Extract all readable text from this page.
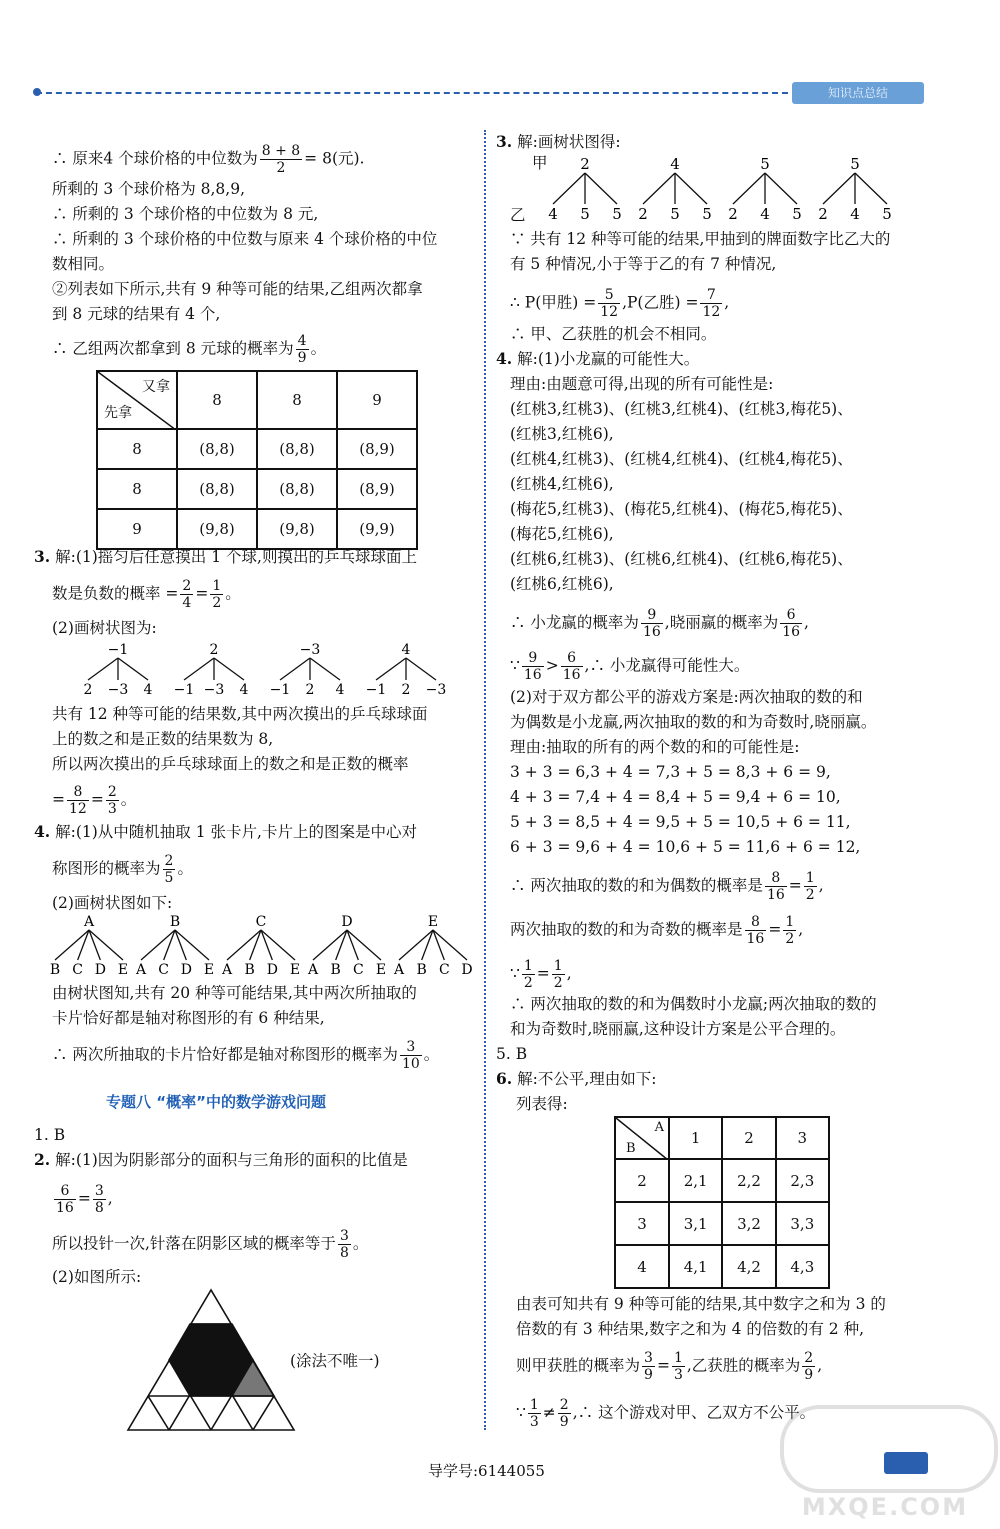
知识点总结
∴ 原来4 个球价格的中位数为 $\frac{8 + 8}{2} = 8$(元).
所剩的 3 个球价格为 8,8,9,
∴ 所剩的 3 个球价格的中位数为 8 元,
∴ 所剩的 3 个球价格的中位数与原来 4 个球价格的中位
数相同。
②列表如下所示,共有 9 种等可能的结果,乙组两次都拿
到 8 元球的结果有 4 个,
∴ 乙组两次都拿到 8 元球的概率为 $\frac{4}{9}$ 。
又拿
先拿	8	8	9
8	(8,8)	(8,8)	(8,9)
8	(8,8)	(8,8)	(8,9)
9	(9,8)	(9,8)	(9,9)
3. 解:(1)摇匀后任意摸出 1 个球,则摸出的乒乓球球面上
数是负数的概率 = $\frac{2}{4} = \frac{1}{2}$ 。
(2)画树状图为:
−1
2 −3 4
2
−1 −3 4
−3
−1 2 4
4
−1 2 −3
共有 12 种等可能的结果数,其中两次摸出的乒乓球球面
上的数之和是正数的结果数为 8,
所以两次摸出的乒乓球球面上的数之和是正数的概率
= $\frac{8}{12} = \frac{2}{3}$ 。
4. 解:(1)从中随机抽取 1 张卡片,卡片上的图案是中心对
称图形的概率为 $\frac{2}{5}$ 。
(2)画树状图如下:
A
B C D E
B
A C D E
C
A B D E
D
A B C E
E
A B C D
由树状图知,共有 20 种等可能结果,其中两次所抽取的
卡片恰好都是轴对称图形的有 6 种结果,
∴ 两次所抽取的卡片恰好都是轴对称图形的概率为 $\frac{3}{10}$ 。
专题八 “概率”中的数学游戏问题
1. B
2. 解:(1)因为阴影部分的面积与三角形的面积的比值是
$\frac{6}{16} = \frac{3}{8}$ ,
所以投针一次,针落在阴影区域的概率等于 $\frac{3}{8}$ 。
(2)如图所示:
(涂法不唯一)
3. 解:画树状图得:
甲
乙
2
4 5 5
4
2 5 5
5
2 4 5
5
2 4 5
∵ 共有 12 种等可能的结果,甲抽到的牌面数字比乙大的
有 5 种情况,小于等于乙的有 7 种情况,
∴ P(甲胜) = $\frac{5}{12} ,P$(乙胜) = $\frac{7}{12}$ ,
∴ 甲、乙获胜的机会不相同。
4. 解:(1)小龙赢的可能性大。
理由:由题意可得,出现的所有可能性是:
(红桃3,红桃3)、(红桃3,红桃4)、(红桃3,梅花5)、
(红桃3,红桃6),
(红桃4,红桃3)、(红桃4,红桃4)、(红桃4,梅花5)、
(红桃4,红桃6),
(梅花5,红桃3)、(梅花5,红桃4)、(梅花5,梅花5)、
(梅花5,红桃6),
(红桃6,红桃3)、(红桃6,红桃4)、(红桃6,梅花5)、
(红桃6,红桃6),
∴ 小龙赢的概率为 $\frac{9}{16}$ ,晓丽赢的概率为 $\frac{6}{16}$ ,
∵ $\frac{9}{16} > \frac{6}{16}$ ,∴ 小龙赢得可能性大。
(2)对于双方都公平的游戏方案是:两次抽取的数的和
为偶数是小龙赢,两次抽取的数的和为奇数时,晓丽赢。
理由:抽取的所有的两个数的和的可能性是:
3 + 3 = 6,3 + 4 = 7,3 + 5 = 8,3 + 6 = 9,
4 + 3 = 7,4 + 4 = 8,4 + 5 = 9,4 + 6 = 10,
5 + 3 = 8,5 + 4 = 9,5 + 5 = 10,5 + 6 = 11,
6 + 3 = 9,6 + 4 = 10,6 + 5 = 11,6 + 6 = 12,
∴ 两次抽取的数的和为偶数的概率是 $\frac{8}{16} = \frac{1}{2}$ ,
两次抽取的数的和为奇数的概率是 $\frac{8}{16} = \frac{1}{2}$ ,
∵ $\frac{1}{2} = \frac{1}{2}$ ,
∴ 两次抽取的数的和为偶数时小龙赢;两次抽取的数的
和为奇数时,晓丽赢,这种设计方案是公平合理的。
5. B
6. 解:不公平,理由如下:
列表得:
A
B	1	2	3
2	2,1	2,2	2,3
3	3,1	3,2	3,3
4	4,1	4,2	4,3
由表可知共有 9 种等可能的结果,其中数字之和为 3 的
倍数的有 3 种结果,数字之和为 4 的倍数的有 2 种,
则甲获胜的概率为 $\frac{3}{9} = \frac{1}{3}$ ,乙获胜的概率为 $\frac{2}{9}$ ,
∵ $\frac{1}{3} \ne \frac{2}{9}$ ,∴ 这个游戏对甲、乙双方不公平。
导学号:6144055
MXQE.COM
